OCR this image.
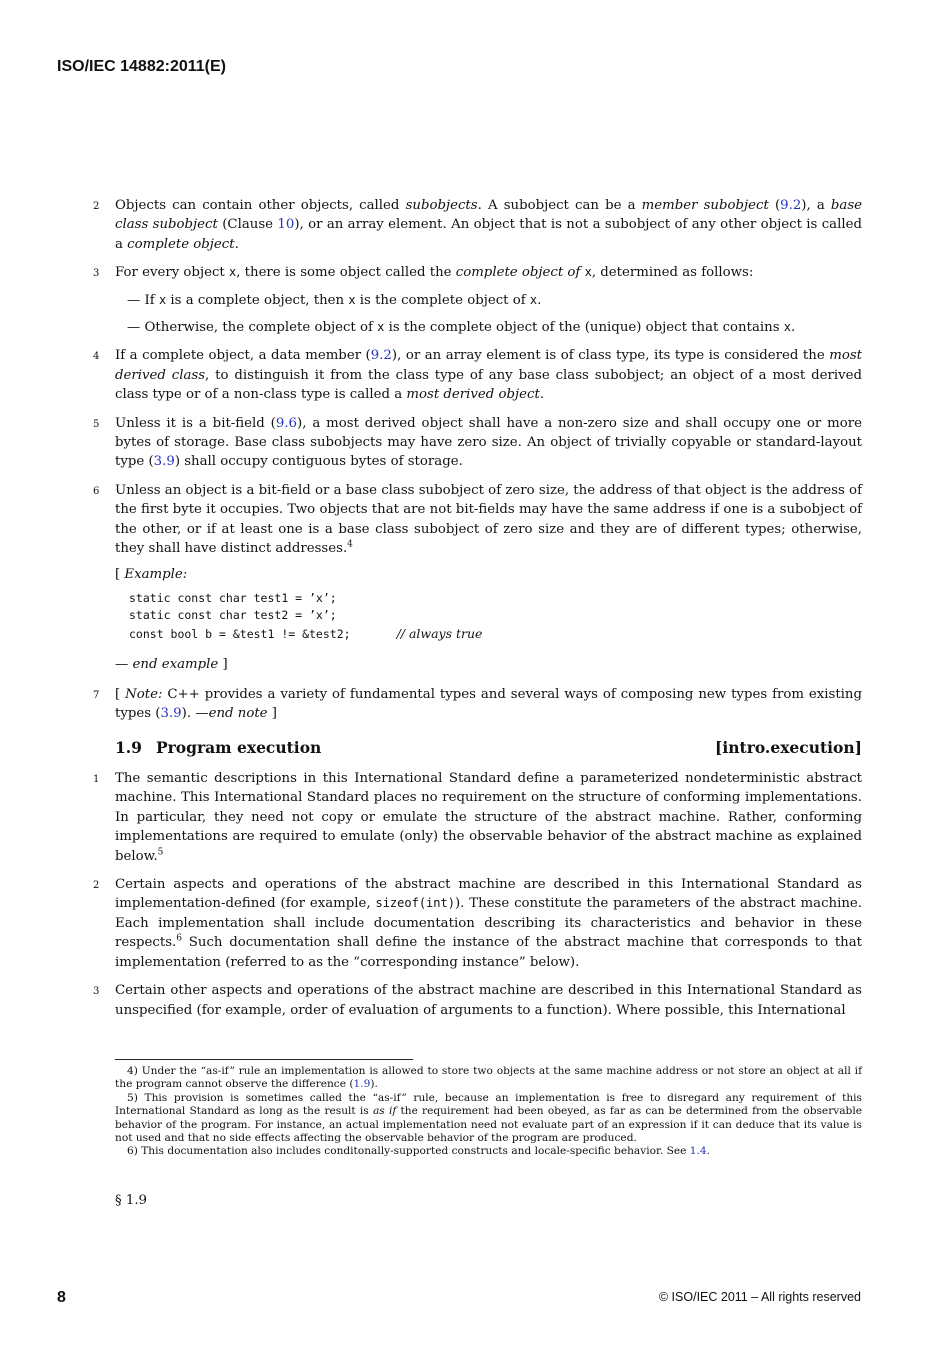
ISO/IEC 14882:2011(E)

2 Objects can contain other objects, called subobjects. A subobject can be a member subobject (9.2), a base class subobject (Clause 10), or an array element. An object that is not a subobject of any other object is called a complete object.

3 For every object x, there is some object called the complete object of x, determined as follows:
— If x is a complete object, then x is the complete object of x.
— Otherwise, the complete object of x is the complete object of the (unique) object that contains x.

4 If a complete object, a data member (9.2), or an array element is of class type, its type is considered the most derived class, to distinguish it from the class type of any base class subobject; an object of a most derived class type or of a non-class type is called a most derived object.

5 Unless it is a bit-field (9.6), a most derived object shall have a non-zero size and shall occupy one or more bytes of storage. Base class subobjects may have zero size. An object of trivially copyable or standard-layout type (3.9) shall occupy contiguous bytes of storage.

6 Unless an object is a bit-field or a base class subobject of zero size, the address of that object is the address of the first byte it occupies. Two objects that are not bit-fields may have the same address if one is a subobject of the other, or if at least one is a base class subobject of zero size and they are of different types; otherwise, they shall have distinct addresses.$^4$

[ Example:
static const char test1 = ’x’;
static const char test2 = ’x’;
const bool b = &test1 != &test2;	// always true
— end example ]

7 [ Note: C++ provides a variety of fundamental types and several ways of composing new types from existing types (3.9). —end note ]

1.9 Program execution	[intro.execution]

1 The semantic descriptions in this International Standard define a parameterized nondeterministic abstract machine. This International Standard places no requirement on the structure of conforming implementations. In particular, they need not copy or emulate the structure of the abstract machine. Rather, conforming implementations are required to emulate (only) the observable behavior of the abstract machine as explained below.$^5$

2 Certain aspects and operations of the abstract machine are described in this International Standard as implementation-defined (for example, sizeof(int)). These constitute the parameters of the abstract machine. Each implementation shall include documentation describing its characteristics and behavior in these respects.$^6$ Such documentation shall define the instance of the abstract machine that corresponds to that implementation (referred to as the “corresponding instance” below).

3 Certain other aspects and operations of the abstract machine are described in this International Standard as unspecified (for example, order of evaluation of arguments to a function). Where possible, this International

4) Under the “as-if” rule an implementation is allowed to store two objects at the same machine address or not store an object at all if the program cannot observe the difference (1.9).

5) This provision is sometimes called the “as-if” rule, because an implementation is free to disregard any requirement of this International Standard as long as the result is as if the requirement had been obeyed, as far as can be determined from the observable behavior of the program. For instance, an actual implementation need not evaluate part of an expression if it can deduce that its value is not used and that no side effects affecting the observable behavior of the program are produced.

6) This documentation also includes conditonally-supported constructs and locale-specific behavior. See 1.4.

§ 1.9
8	© ISO/IEC 2011 – All rights reserved
